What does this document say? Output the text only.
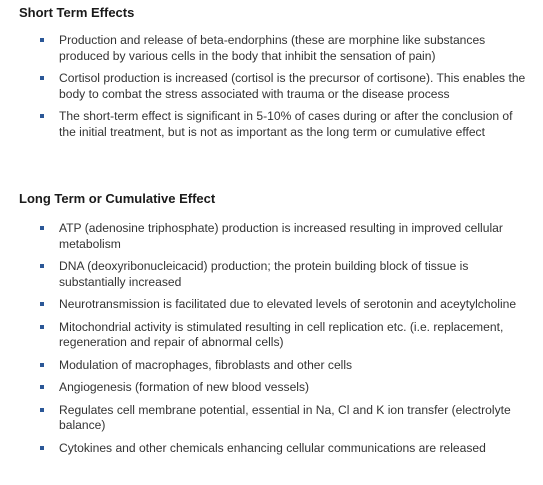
Short Term Effects
Production and release of beta-endorphins (these are morphine like substances produced by various cells in the body that inhibit the sensation of pain)
Cortisol production is increased (cortisol is the precursor of cortisone). This enables the body to combat the stress associated with trauma or the disease process
The short-term effect is significant in 5-10% of cases during or after the conclusion of the initial treatment, but is not as important as the long term or cumulative effect
Long Term or Cumulative Effect
ATP (adenosine triphosphate) production is increased resulting in improved cellular metabolism
DNA (deoxyribonucleicacid) production; the protein building block of tissue is substantially increased
Neurotransmission is facilitated due to elevated levels of serotonin and aceytylcholine
Mitochondrial activity is stimulated resulting in cell replication etc. (i.e. replacement, regeneration and repair of abnormal cells)
Modulation of macrophages, fibroblasts and other cells
Angiogenesis (formation of new blood vessels)
Regulates cell membrane potential, essential in Na, Cl and K ion transfer (electrolyte balance)
Cytokines and other chemicals enhancing cellular communications are released
